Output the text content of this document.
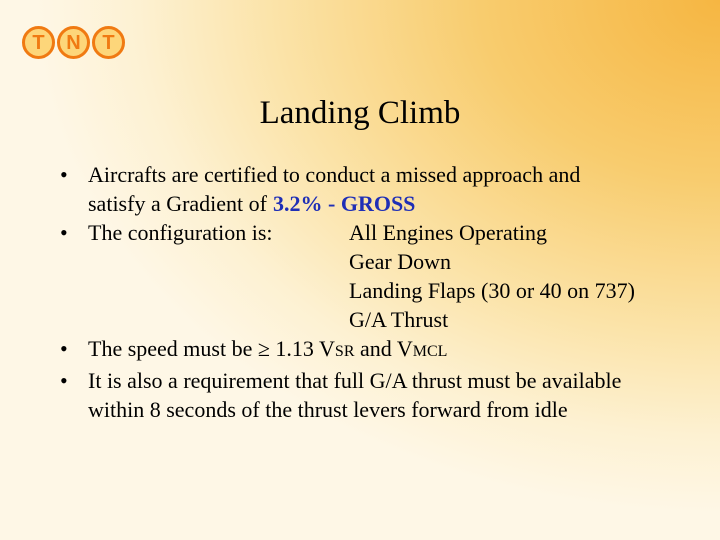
T	N	T
Landing Climb
• Aircrafts are certified to conduct a missed approach and
satisfy a Gradient of 3.2% - GROSS
• The configuration is:	All Engines Operating
Gear Down
Landing Flaps (30 or 40 on 737)
G/A Thrust
• The speed must be ≥ 1.13 VSR and VMCL
• It is also a requirement that full G/A thrust must be available
within 8 seconds of the thrust levers forward from idle
